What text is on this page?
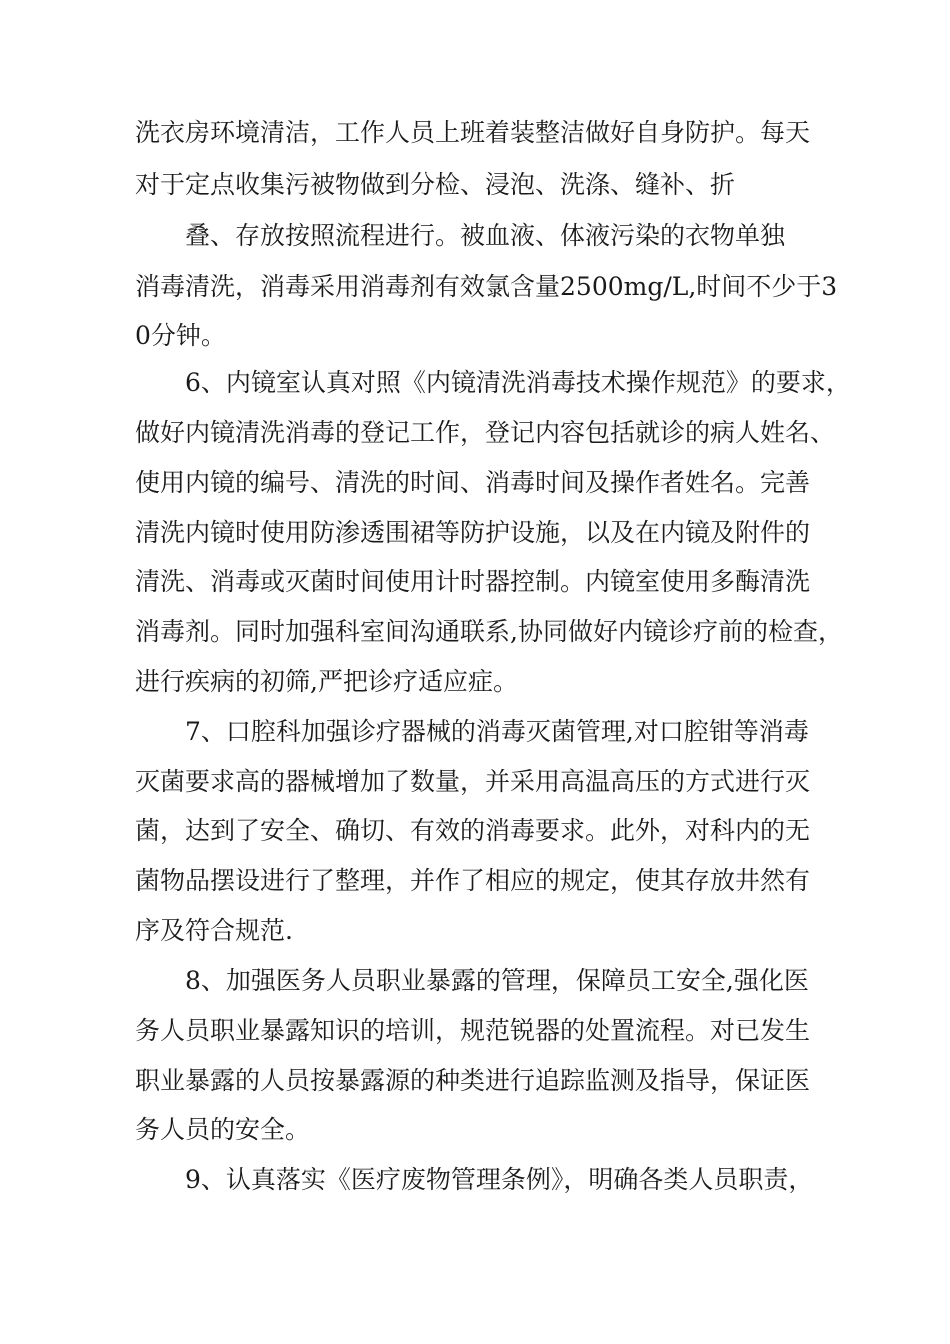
洗衣房环境清洁，工作人员上班着装整洁做好自身防护。每天
对于定点收集污被物做到分检、浸泡、洗涤、缝补、折
叠、存放按照流程进行。被血液、体液污染的衣物单独
消毒清洗，消毒采用消毒剂有效氯含量2500mg/L,时间不少于3
0分钟。
6、内镜室认真对照《内镜清洗消毒技术操作规范》的要求，
做好内镜清洗消毒的登记工作，登记内容包括就诊的病人姓名、
使用内镜的编号、清洗的时间、消毒时间及操作者姓名。完善
清洗内镜时使用防渗透围裙等防护设施，以及在内镜及附件的
清洗、消毒或灭菌时间使用计时器控制。内镜室使用多酶清洗
消毒剂。同时加强科室间沟通联系,协同做好内镜诊疗前的检查，
进行疾病的初筛,严把诊疗适应症。
7、口腔科加强诊疗器械的消毒灭菌管理,对口腔钳等消毒
灭菌要求高的器械增加了数量，并采用高温高压的方式进行灭
菌，达到了安全、确切、有效的消毒要求。此外，对科内的无
菌物品摆设进行了整理，并作了相应的规定，使其存放井然有
序及符合规范.
8、加强医务人员职业暴露的管理，保障员工安全,强化医
务人员职业暴露知识的培训，规范锐器的处置流程。对已发生
职业暴露的人员按暴露源的种类进行追踪监测及指导，保证医
务人员的安全。
9、认真落实《医疗废物管理条例》，明确各类人员职责，
